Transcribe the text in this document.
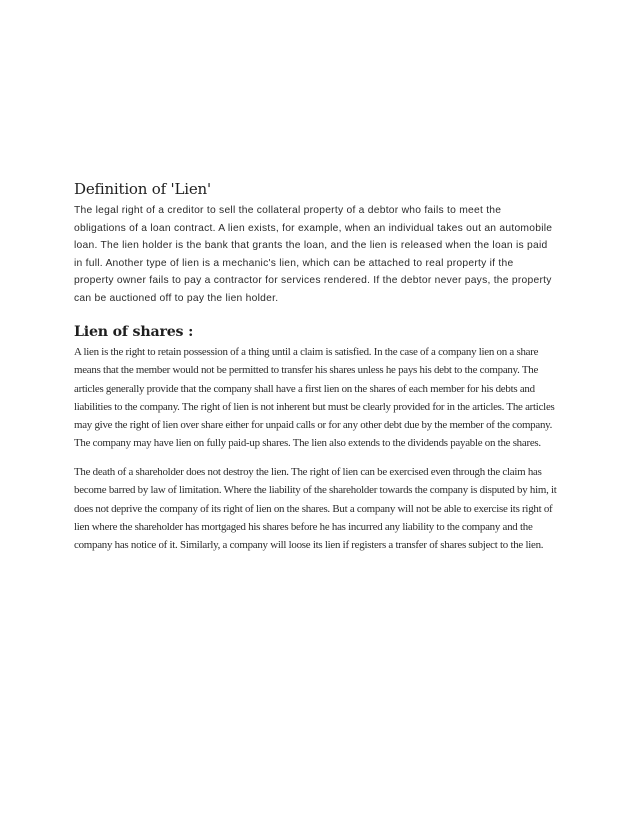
Definition of 'Lien'

The legal right of a creditor to sell the collateral property of a debtor who fails to meet the obligations of a loan contract. A lien exists, for example, when an individual takes out an automobile loan. The lien holder is the bank that grants the loan, and the lien is released when the loan is paid in full. Another type of lien is a mechanic's lien, which can be attached to real property if the property owner fails to pay a contractor for services rendered. If the debtor never pays, the property can be auctioned off to pay the lien holder.

Lien of shares :

A lien is the right to retain possession of a thing until a claim is satisfied. In the case of a company lien on a share means that the member would not be permitted to transfer his shares unless he pays his debt to the company. The articles generally provide that the company shall have a first lien on the shares of each member for his debts and liabilities to the company. The right of lien is not inherent but must be clearly provided for in the articles. The articles may give the right of lien over share either for unpaid calls or for any other debt due by the member of the company. The company may have lien on fully paid-up shares. The lien also extends to the dividends payable on the shares.

The death of a shareholder does not destroy the lien. The right of lien can be exercised even through the claim has become barred by law of limitation. Where the liability of the shareholder towards the company is disputed by him, it does not deprive the company of its right of lien on the shares. But a company will not be able to exercise its right of lien where the shareholder has mortgaged his shares before he has incurred any liability to the company and the company has notice of it. Similarly, a company will loose its lien if registers a transfer of shares subject to the lien.
